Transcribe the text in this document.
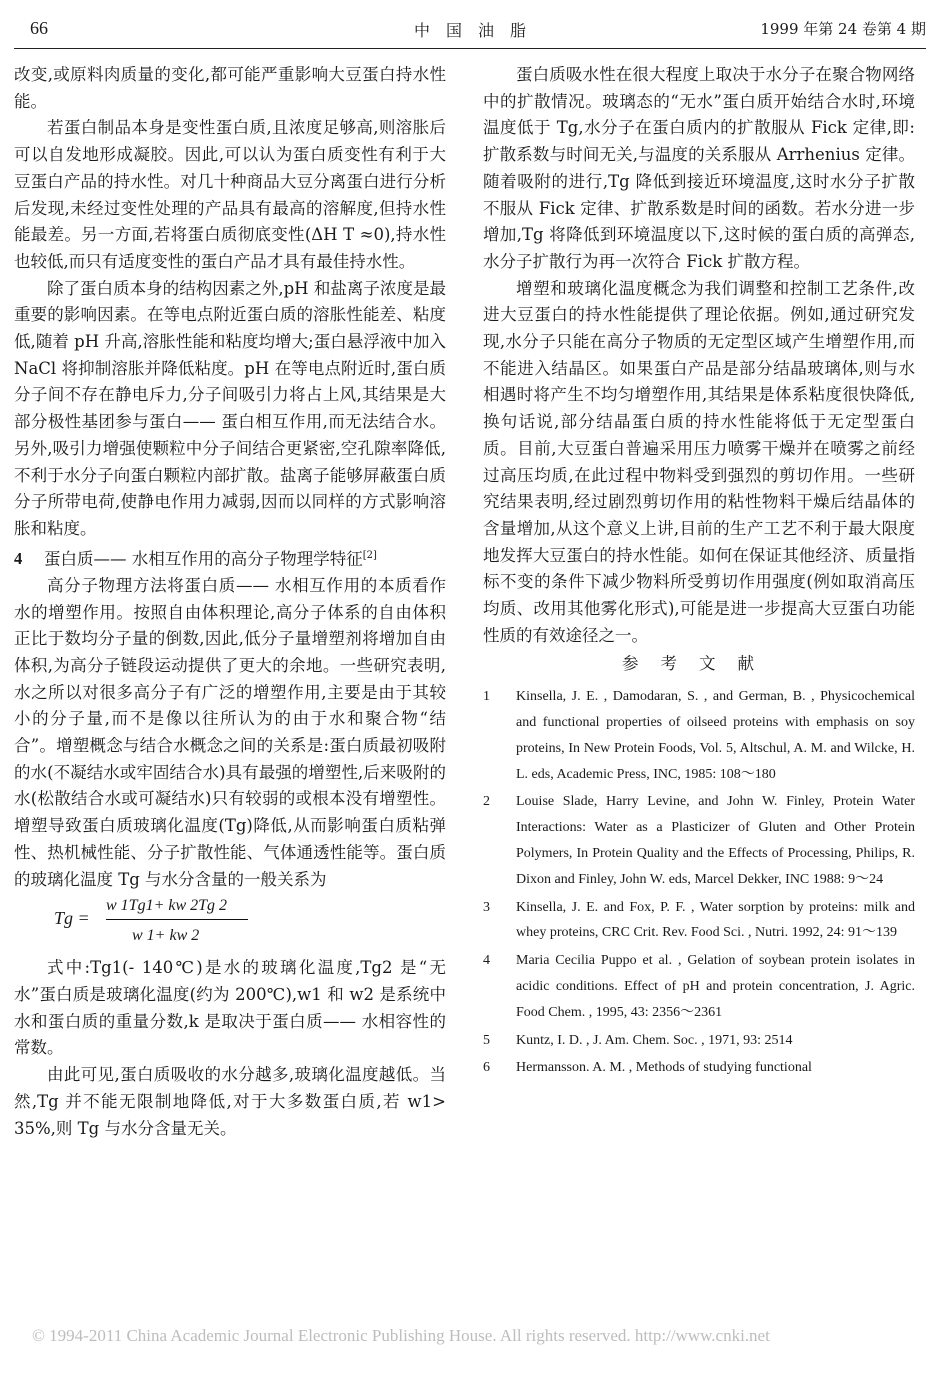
66	中国油脂	1999 年第 24 卷第 4 期

改变,或原料肉质量的变化,都可能严重影响大豆蛋白持水性能。

若蛋白制品本身是变性蛋白质,且浓度足够高,则溶胀后可以自发地形成凝胶。因此,可以认为蛋白质变性有利于大豆蛋白产品的持水性。对几十种商品大豆分离蛋白进行分析后发现,未经过变性处理的产品具有最高的溶解度,但持水性能最差。另一方面,若将蛋白质彻底变性(ΔH T ≈0),持水性也较低,而只有适度变性的蛋白产品才具有最佳持水性。

除了蛋白质本身的结构因素之外,pH 和盐离子浓度是最重要的影响因素。在等电点附近蛋白质的溶胀性能差、粘度低,随着 pH 升高,溶胀性能和粘度均增大;蛋白悬浮液中加入 NaCl 将抑制溶胀并降低粘度。pH 在等电点附近时,蛋白质分子间不存在静电斥力,分子间吸引力将占上风,其结果是大部分极性基团参与蛋白—— 蛋白相互作用,而无法结合水。另外,吸引力增强使颗粒中分子间结合更紧密,空孔隙率降低,不利于水分子向蛋白颗粒内部扩散。盐离子能够屏蔽蛋白质分子所带电荷,使静电作用力减弱,因而以同样的方式影响溶胀和粘度。

4 蛋白质—— 水相互作用的高分子物理学特征[2]

高分子物理方法将蛋白质—— 水相互作用的本质看作水的增塑作用。按照自由体积理论,高分子体系的自由体积正比于数均分子量的倒数,因此,低分子量增塑剂将增加自由体积,为高分子链段运动提供了更大的余地。一些研究表明,水之所以对很多高分子有广泛的增塑作用,主要是由于其较小的分子量,而不是像以往所认为的由于水和聚合物“结合”。增塑概念与结合水概念之间的关系是:蛋白质最初吸附的水(不凝结水或牢固结合水)具有最强的增塑性,后来吸附的水(松散结合水或可凝结水)只有较弱的或根本没有增塑性。增塑导致蛋白质玻璃化温度(Tg)降低,从而影响蛋白质粘弹性、热机械性能、分子扩散性能、气体通透性能等。蛋白质的玻璃化温度 Tg 与水分含量的一般关系为

Tg =
w 1Tg1+ kw 2Tg 2
w 1+ kw 2

式中:Tg1(- 140℃)是水的玻璃化温度,Tg2 是“无水”蛋白质是玻璃化温度(约为 200℃),w1 和 w2 是系统中水和蛋白质的重量分数,k 是取决于蛋白质—— 水相容性的常数。

由此可见,蛋白质吸收的水分越多,玻璃化温度越低。当然,Tg 并不能无限制地降低,对于大多数蛋白质,若 w1> 35%,则 Tg 与水分含量无关。

蛋白质吸水性在很大程度上取决于水分子在聚合物网络中的扩散情况。玻璃态的“无水”蛋白质开始结合水时,环境温度低于 Tg,水分子在蛋白质内的扩散服从 Fick 定律,即:扩散系数与时间无关,与温度的关系服从 Arrhenius 定律。随着吸附的进行,Tg 降低到接近环境温度,这时水分子扩散不服从 Fick 定律、扩散系数是时间的函数。若水分进一步增加,Tg 将降低到环境温度以下,这时候的蛋白质的高弹态,水分子扩散行为再一次符合 Fick 扩散方程。

增塑和玻璃化温度概念为我们调整和控制工艺条件,改进大豆蛋白的持水性能提供了理论依据。例如,通过研究发现,水分子只能在高分子物质的无定型区域产生增塑作用,而不能进入结晶区。如果蛋白产品是部分结晶玻璃体,则与水相遇时将产生不均匀增塑作用,其结果是体系粘度很快降低,换句话说,部分结晶蛋白质的持水性能将低于无定型蛋白质。目前,大豆蛋白普遍采用压力喷雾干燥并在喷雾之前经过高压均质,在此过程中物料受到强烈的剪切作用。一些研究结果表明,经过剧烈剪切作用的粘性物料干燥后结晶体的含量增加,从这个意义上讲,目前的生产工艺不利于最大限度地发挥大豆蛋白的持水性能。如何在保证其他经济、质量指标不变的条件下减少物料所受剪切作用强度(例如取消高压均质、改用其他雾化形式),可能是进一步提高大豆蛋白功能性质的有效途径之一。

参考文献
1 Kinsella, J. E. , Damodaran, S. , and German, B. , Physicochemical and functional properties of oilseed proteins with emphasis on soy proteins, In New Protein Foods, Vol. 5, Altschul, A. M. and Wilcke, H. L. eds, Academic Press, INC, 1985: 108～180
2 Louise Slade, Harry Levine, and John W. Finley, Protein Water Interactions: Water as a Plasticizer of Gluten and Other Protein Polymers, In Protein Quality and the Effects of Processing, Philips, R. Dixon and Finley, John W. eds, Marcel Dekker, INC 1988: 9～24
3 Kinsella, J. E. and Fox, P. F. , Water sorption by proteins: milk and whey proteins, CRC Crit. Rev. Food Sci. , Nutri. 1992, 24: 91～139
4 Maria Cecilia Puppo et al. , Gelation of soybean protein isolates in acidic conditions. Effect of pH and protein concentration, J. Agric. Food Chem. , 1995, 43: 2356～2361
5 Kuntz, I. D. , J. Am. Chem. Soc. , 1971, 93: 2514
6 Hermansson. A. M. , Methods of studying functional
© 1994-2011 China Academic Journal Electronic Publishing House. All rights reserved. http://www.cnki.net
